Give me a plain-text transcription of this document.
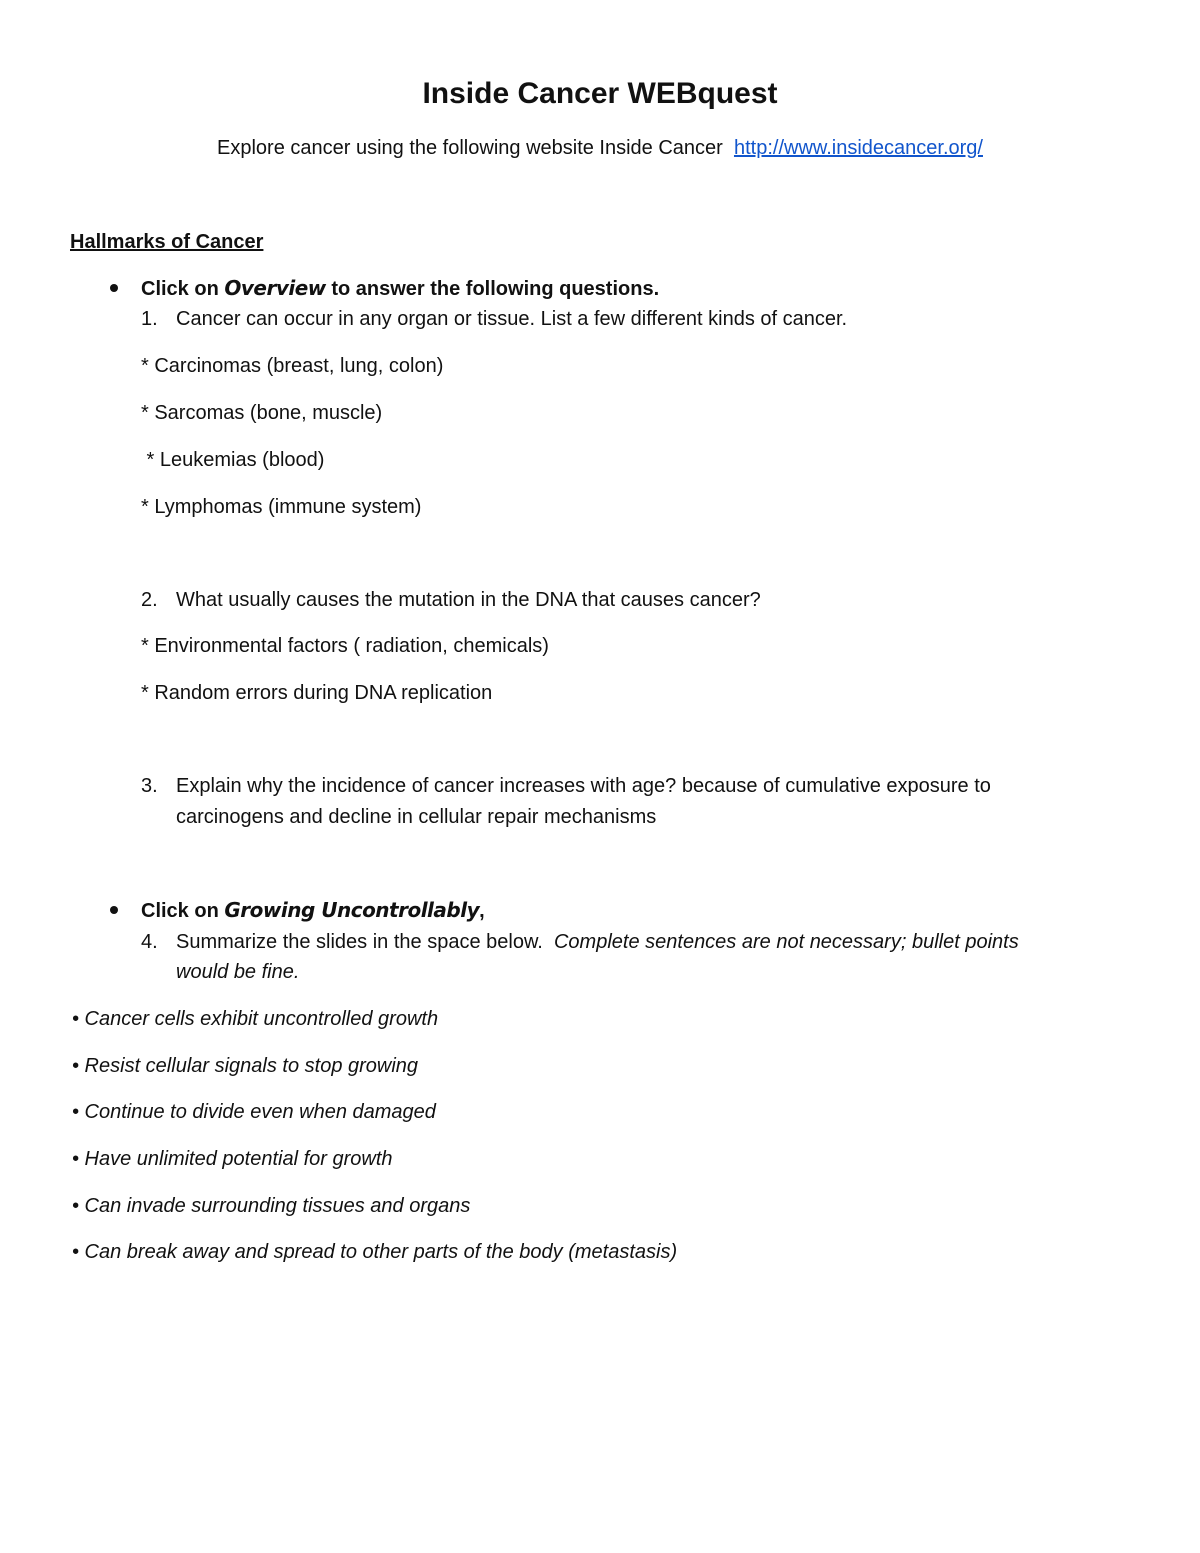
Inside Cancer WEBquest
Explore cancer using the following website Inside Cancer http://www.insidecancer.org/
Hallmarks of Cancer
Click on Overview to answer the following questions.
1. Cancer can occur in any organ or tissue. List a few different kinds of cancer.
* Carcinomas (breast, lung, colon)
* Sarcomas (bone, muscle)
* Leukemias (blood)
* Lymphomas (immune system)
2. What usually causes the mutation in the DNA that causes cancer?
* Environmental factors ( radiation, chemicals)
* Random errors during DNA replication
3. Explain why the incidence of cancer increases with age? because of cumulative exposure to
carcinogens and decline in cellular repair mechanisms
Click on Growing Uncontrollably,
4. Summarize the slides in the space below. Complete sentences are not necessary; bullet points
would be fine.
• Cancer cells exhibit uncontrolled growth
• Resist cellular signals to stop growing
• Continue to divide even when damaged
• Have unlimited potential for growth
• Can invade surrounding tissues and organs
• Can break away and spread to other parts of the body (metastasis)
